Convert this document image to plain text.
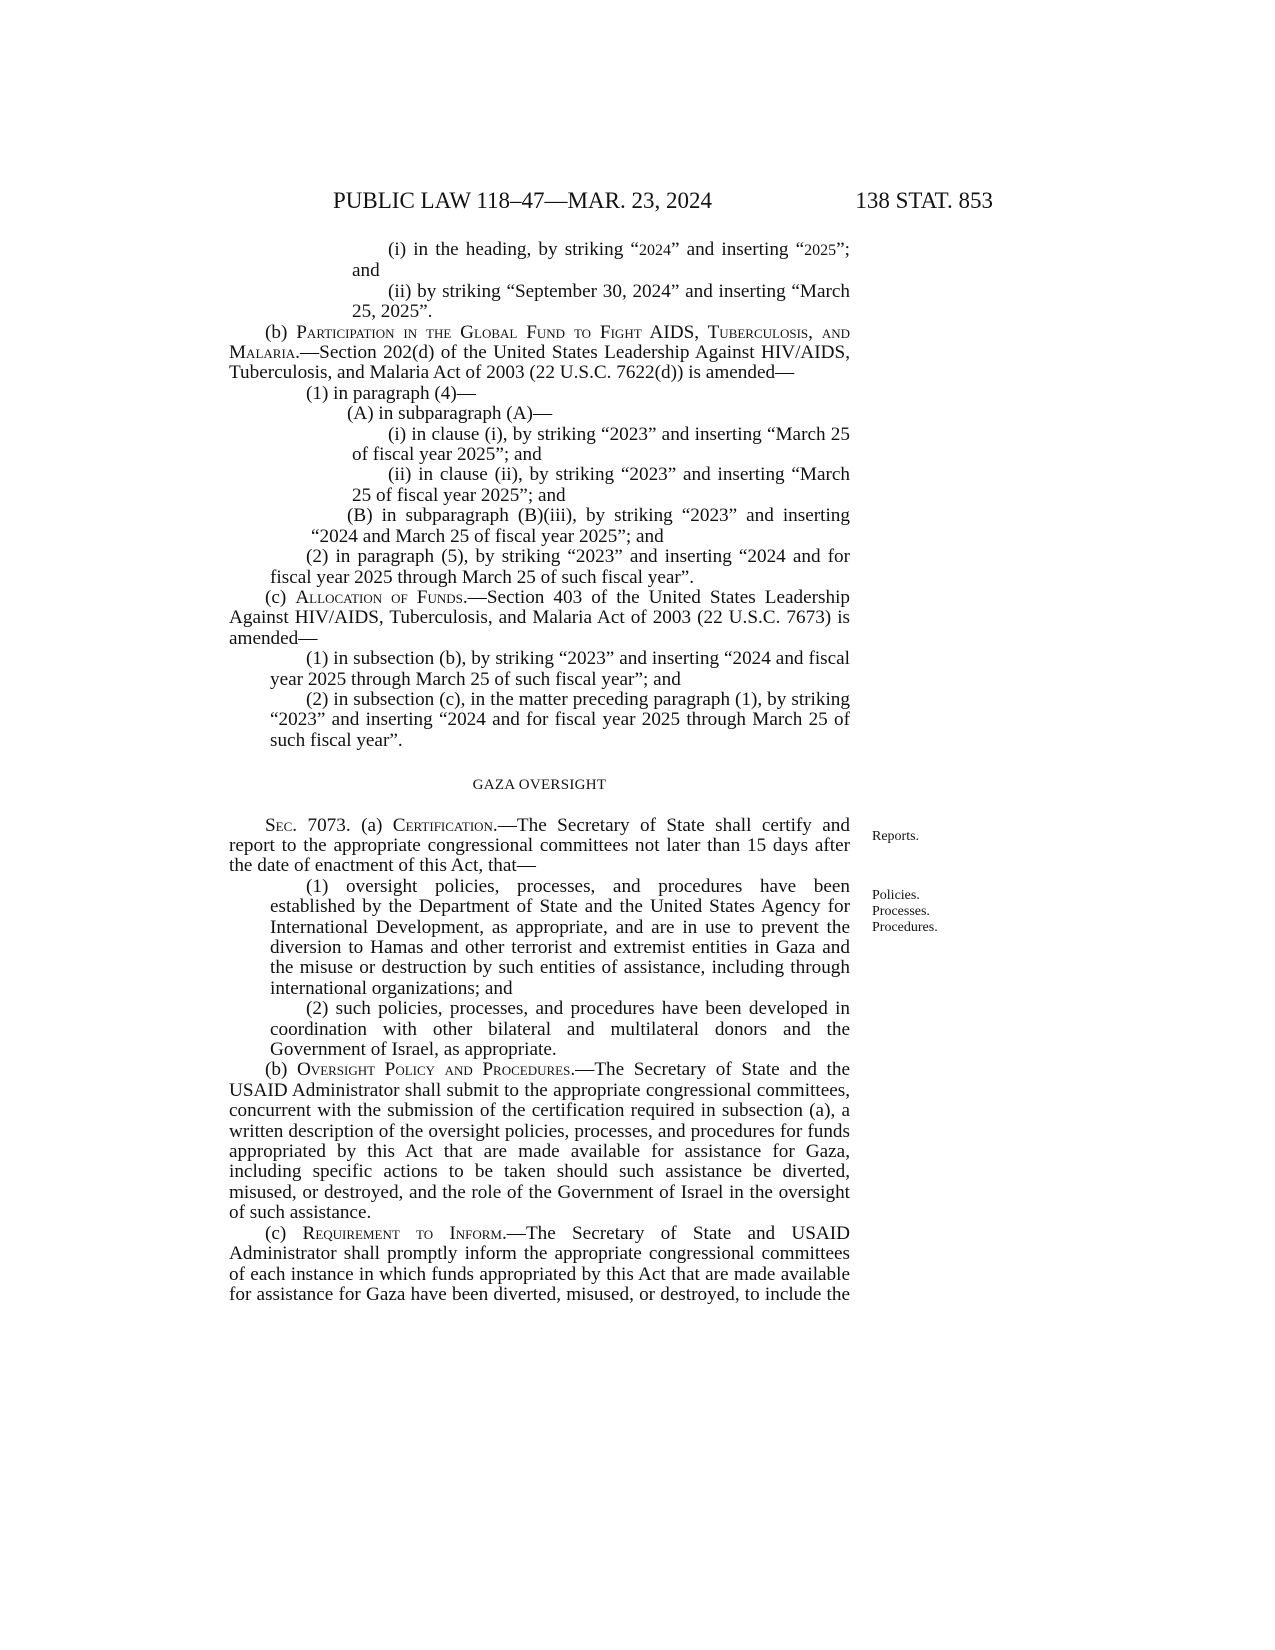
PUBLIC LAW 118–47—MAR. 23, 2024	138 STAT. 853

(i) in the heading, by striking “2024” and inserting “2025”; and

(ii) by striking “September 30, 2024” and inserting “March 25, 2025”.

(b) Participation in the Global Fund to Fight AIDS, Tuberculosis, and Malaria.—Section 202(d) of the United States Leadership Against HIV/AIDS, Tuberculosis, and Malaria Act of 2003 (22 U.S.C. 7622(d)) is amended—

(1) in paragraph (4)—

(A) in subparagraph (A)—

(i) in clause (i), by striking “2023” and inserting “March 25 of fiscal year 2025”; and

(ii) in clause (ii), by striking “2023” and inserting “March 25 of fiscal year 2025”; and

(B) in subparagraph (B)(iii), by striking “2023” and inserting “2024 and March 25 of fiscal year 2025”; and

(2) in paragraph (5), by striking “2023” and inserting “2024 and for fiscal year 2025 through March 25 of such fiscal year”.

(c) Allocation of Funds.—Section 403 of the United States Leadership Against HIV/AIDS, Tuberculosis, and Malaria Act of 2003 (22 U.S.C. 7673) is amended—

(1) in subsection (b), by striking “2023” and inserting “2024 and fiscal year 2025 through March 25 of such fiscal year”; and

(2) in subsection (c), in the matter preceding paragraph (1), by striking “2023” and inserting “2024 and for fiscal year 2025 through March 25 of such fiscal year”.

GAZA OVERSIGHT

Sec. 7073. (a) Certification.—The Secretary of State shall certify and report to the appropriate congressional committees not later than 15 days after the date of enactment of this Act, that—

(1) oversight policies, processes, and procedures have been established by the Department of State and the United States Agency for International Development, as appropriate, and are in use to prevent the diversion to Hamas and other terrorist and extremist entities in Gaza and the misuse or destruction by such entities of assistance, including through international organizations; and

(2) such policies, processes, and procedures have been developed in coordination with other bilateral and multilateral donors and the Government of Israel, as appropriate.

(b) Oversight Policy and Procedures.—The Secretary of State and the USAID Administrator shall submit to the appropriate congressional committees, concurrent with the submission of the certification required in subsection (a), a written description of the oversight policies, processes, and procedures for funds appropriated by this Act that are made available for assistance for Gaza, including specific actions to be taken should such assistance be diverted, misused, or destroyed, and the role of the Government of Israel in the oversight of such assistance.

(c) Requirement to Inform.—The Secretary of State and USAID Administrator shall promptly inform the appropriate congressional committees of each instance in which funds appropriated by this Act that are made available for assistance for Gaza have been diverted, misused, or destroyed, to include the

Reports.
Policies.
Processes.
Procedures.
